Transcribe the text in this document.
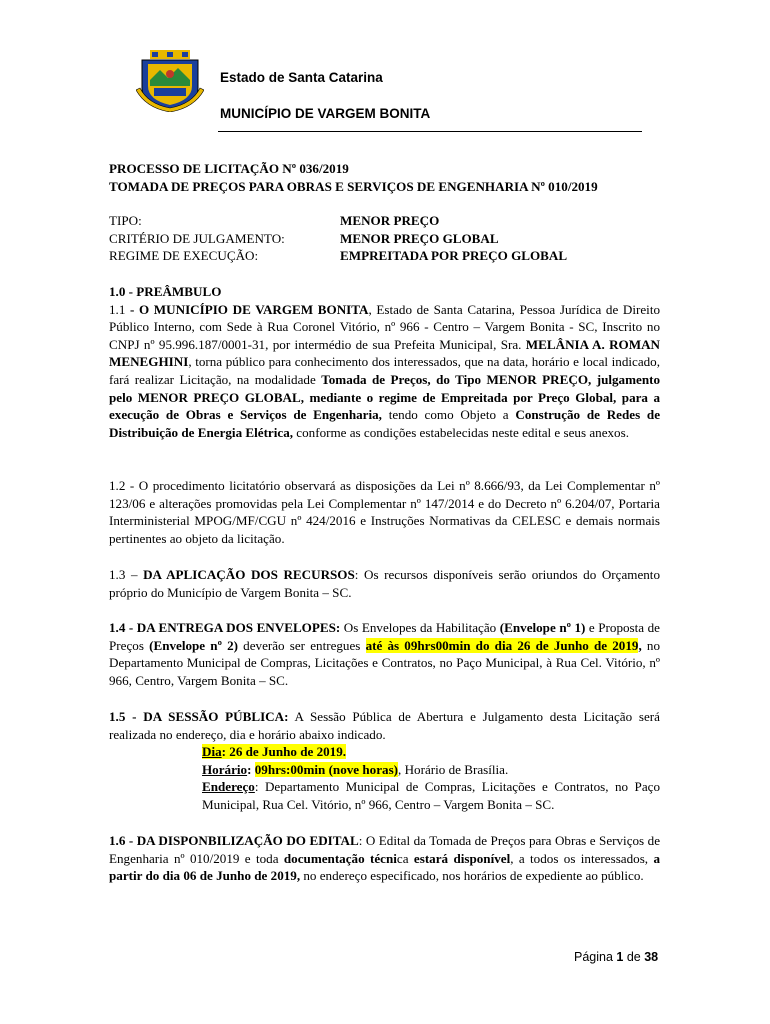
Estado de Santa Catarina
MUNICÍPIO DE VARGEM BONITA

PROCESSO DE LICITAÇÃO Nº 036/2019

TOMADA DE PREÇOS PARA OBRAS E SERVIÇOS DE ENGENHARIA Nº 010/2019

TIPO:	MENOR PREÇO
CRITÉRIO DE JULGAMENTO:	MENOR PREÇO GLOBAL
REGIME DE EXECUÇÃO:	EMPREITADA POR PREÇO GLOBAL
1.0 - PREÂMBULO
1.1 - O MUNICÍPIO DE VARGEM BONITA, Estado de Santa Catarina, Pessoa Jurídica de Direito Público Interno, com Sede à Rua Coronel Vitório, nº 966 - Centro – Vargem Bonita - SC, Inscrito no CNPJ nº 95.996.187/0001-31, por intermédio de sua Prefeita Municipal, Sra. MELÂNIA A. ROMAN MENEGHINI, torna público para conhecimento dos interessados, que na data, horário e local indicado, fará realizar Licitação, na modalidade Tomada de Preços, do Tipo MENOR PREÇO, julgamento pelo MENOR PREÇO GLOBAL, mediante o regime de Empreitada por Preço Global, para a execução de Obras e Serviços de Engenharia, tendo como Objeto a Construção de Redes de Distribuição de Energia Elétrica, conforme as condições estabelecidas neste edital e seus anexos.
1.2 - O procedimento licitatório observará as disposições da Lei nº 8.666/93, da Lei Complementar nº 123/06 e alterações promovidas pela Lei Complementar nº 147/2014 e do Decreto nº 6.204/07, Portaria Interministerial MPOG/MF/CGU nº 424/2016 e Instruções Normativas da CELESC e demais normais pertinentes ao objeto da licitação.
1.3 – DA APLICAÇÃO DOS RECURSOS: Os recursos disponíveis serão oriundos do Orçamento próprio do Município de Vargem Bonita – SC.
1.4 - DA ENTREGA DOS ENVELOPES: Os Envelopes da Habilitação (Envelope nº 1) e Proposta de Preços (Envelope nº 2) deverão ser entregues até às 09hrs00min do dia 26 de Junho de 2019, no Departamento Municipal de Compras, Licitações e Contratos, no Paço Municipal, à Rua Cel. Vitório, nº 966, Centro, Vargem Bonita – SC.
1.5 - DA SESSÃO PÚBLICA: A Sessão Pública de Abertura e Julgamento desta Licitação será realizada no endereço, dia e horário abaixo indicado.

Dia: 26 de Junho de 2019.

Horário: 09hrs:00min (nove horas), Horário de Brasília.

Endereço: Departamento Municipal de Compras, Licitações e Contratos, no Paço Municipal, Rua Cel. Vitório, nº 966, Centro – Vargem Bonita – SC.

1.6 - DA DISPONBILIZAÇÃO DO EDITAL: O Edital da Tomada de Preços para Obras e Serviços de Engenharia nº 010/2019 e toda documentação técnica estará disponível, a todos os interessados, a partir do dia 06 de Junho de 2019, no endereço especificado, nos horários de expediente ao público.
Página 1 de 38
